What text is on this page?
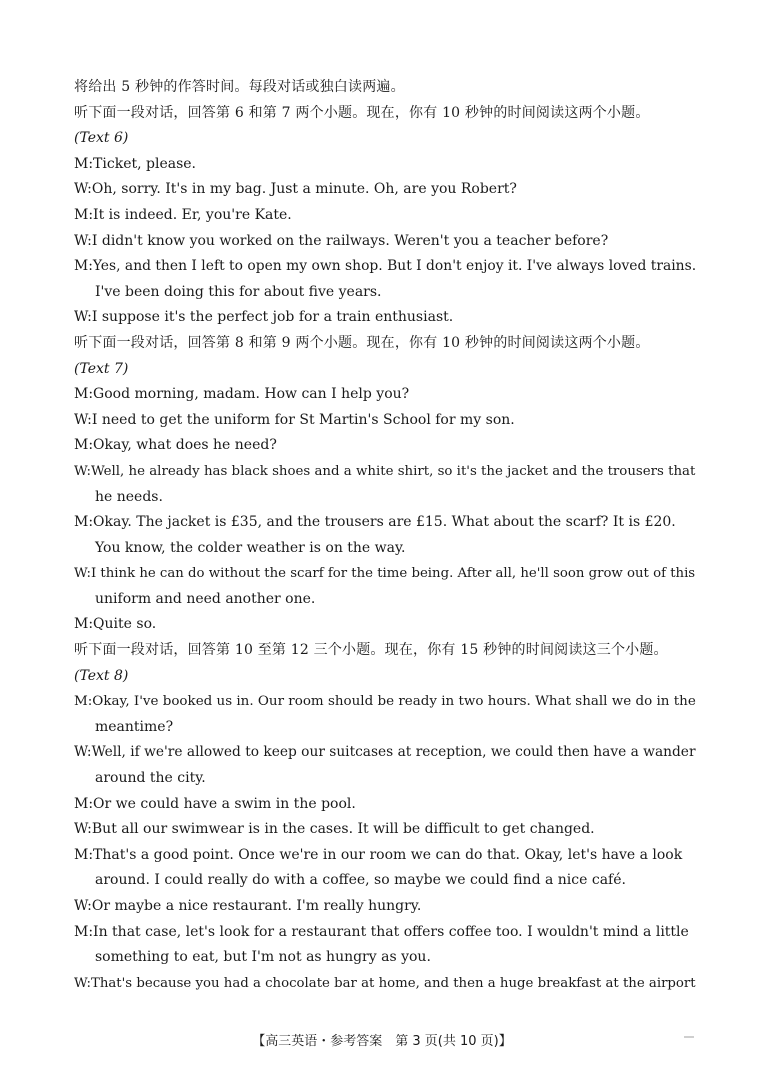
将给出 5 秒钟的作答时间。每段对话或独白读两遍。
听下面一段对话，回答第 6 和第 7 两个小题。现在，你有 10 秒钟的时间阅读这两个小题。
(Text 6)
M:Ticket, please.
W:Oh, sorry. It's in my bag. Just a minute. Oh, are you Robert?
M:It is indeed. Er, you're Kate.
W:I didn't know you worked on the railways. Weren't you a teacher before?
M:Yes, and then I left to open my own shop. But I don't enjoy it. I've always loved trains.
I've been doing this for about five years.
W:I suppose it's the perfect job for a train enthusiast.
听下面一段对话，回答第 8 和第 9 两个小题。现在，你有 10 秒钟的时间阅读这两个小题。
(Text 7)
M:Good morning, madam. How can I help you?
W:I need to get the uniform for St Martin's School for my son.
M:Okay, what does he need?
W:Well, he already has black shoes and a white shirt, so it's the jacket and the trousers that
he needs.
M:Okay. The jacket is £35, and the trousers are £15. What about the scarf? It is £20.
You know, the colder weather is on the way.
W:I think he can do without the scarf for the time being. After all, he'll soon grow out of this
uniform and need another one.
M:Quite so.
听下面一段对话，回答第 10 至第 12 三个小题。现在，你有 15 秒钟的时间阅读这三个小题。
(Text 8)
M:Okay, I've booked us in. Our room should be ready in two hours. What shall we do in the
meantime?
W:Well, if we're allowed to keep our suitcases at reception, we could then have a wander
around the city.
M:Or we could have a swim in the pool.
W:But all our swimwear is in the cases. It will be difficult to get changed.
M:That's a good point. Once we're in our room we can do that. Okay, let's have a look
around. I could really do with a coffee, so maybe we could find a nice café.
W:Or maybe a nice restaurant. I'm really hungry.
M:In that case, let's look for a restaurant that offers coffee too. I wouldn't mind a little
something to eat, but I'm not as hungry as you.
W:That's because you had a chocolate bar at home, and then a huge breakfast at the airport
【高三英语・参考答案　第 3 页(共 10 页)】
